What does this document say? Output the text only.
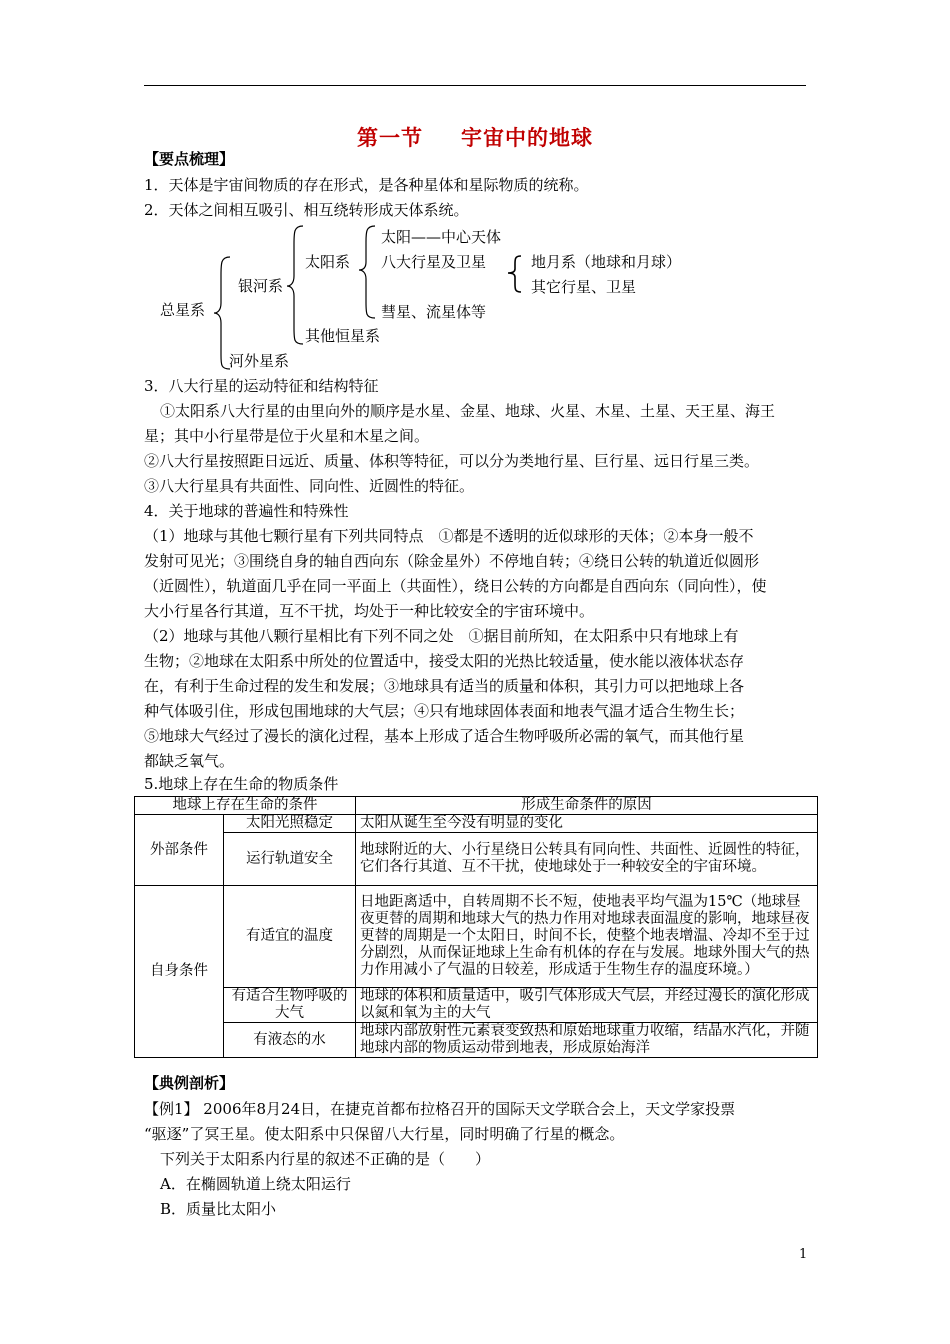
第一节 宇宙中的地球
【要点梳理】
1．天体是宇宙间物质的存在形式，是各种星体和星际物质的统称。
2．天体之间相互吸引、相互绕转形成天体系统。
总星系
银河系
河外星系
太阳系
其他恒星系
太阳——中心天体
八大行星及卫星
彗星、流星体等
地月系（地球和月球）
其它行星、卫星
3．八大行星的运动特征和结构特征
①太阳系八大行星的由里向外的顺序是水星、金星、地球、火星、木星、土星、天王星、海王
星；其中小行星带是位于火星和木星之间。
②八大行星按照距日远近、质量、体积等特征，可以分为类地行星、巨行星、远日行星三类。
③八大行星具有共面性、同向性、近圆性的特征。
4．关于地球的普遍性和特殊性
（1）地球与其他七颗行星有下列共同特点　①都是不透明的近似球形的天体；②本身一般不
发射可见光；③围绕自身的轴自西向东（除金星外）不停地自转；④绕日公转的轨道近似圆形
（近圆性），轨道面几乎在同一平面上（共面性），绕日公转的方向都是自西向东（同向性），使
大小行星各行其道，互不干扰，均处于一种比较安全的宇宙环境中。
（2）地球与其他八颗行星相比有下列不同之处　①据目前所知，在太阳系中只有地球上有
生物；②地球在太阳系中所处的位置适中，接受太阳的光热比较适量，使水能以液体状态存
在，有利于生命过程的发生和发展；③地球具有适当的质量和体积，其引力可以把地球上各
种气体吸引住，形成包围地球的大气层；④只有地球固体表面和地表气温才适合生物生长；
⑤地球大气经过了漫长的演化过程，基本上形成了适合生物呼吸所必需的氧气，而其他行星
都缺乏氧气。
5.地球上存在生命的物质条件
地球上存在生命的条件		形成生命条件的原因
外部条件	太阳光照稳定	太阳从诞生至今没有明显的变化
	运行轨道安全	地球附近的大、小行星绕日公转具有同向性、共面性、近圆性的特征，它们各行其道、互不干扰，使地球处于一种较安全的宇宙环境。
自身条件	有适宜的温度	日地距离适中，自转周期不长不短，使地表平均气温为15℃（地球昼夜更替的周期和地球大气的热力作用对地球表面温度的影响，地球昼夜更替的周期是一个太阳日，时间不长，使整个地表增温、冷却不至于过分剧烈，从而保证地球上生命有机体的存在与发展。地球外围大气的热力作用减小了气温的日较差，形成适于生物生存的温度环境。）
	有适合生物呼吸的大气	地球的体积和质量适中，吸引气体形成大气层，并经过漫长的演化形成以氮和氧为主的大气
	有液态的水	地球内部放射性元素衰变致热和原始地球重力收缩，结晶水汽化，并随地球内部的物质运动带到地表，形成原始海洋
【典例剖析】
【例1】 2006年8月24日，在捷克首都布拉格召开的国际天文学联合会上，天文学家投票
“驱逐”了冥王星。使太阳系中只保留八大行星，同时明确了行星的概念。
下列关于太阳系内行星的叙述不正确的是（　　）
A．在椭圆轨道上绕太阳运行
B．质量比太阳小
1
